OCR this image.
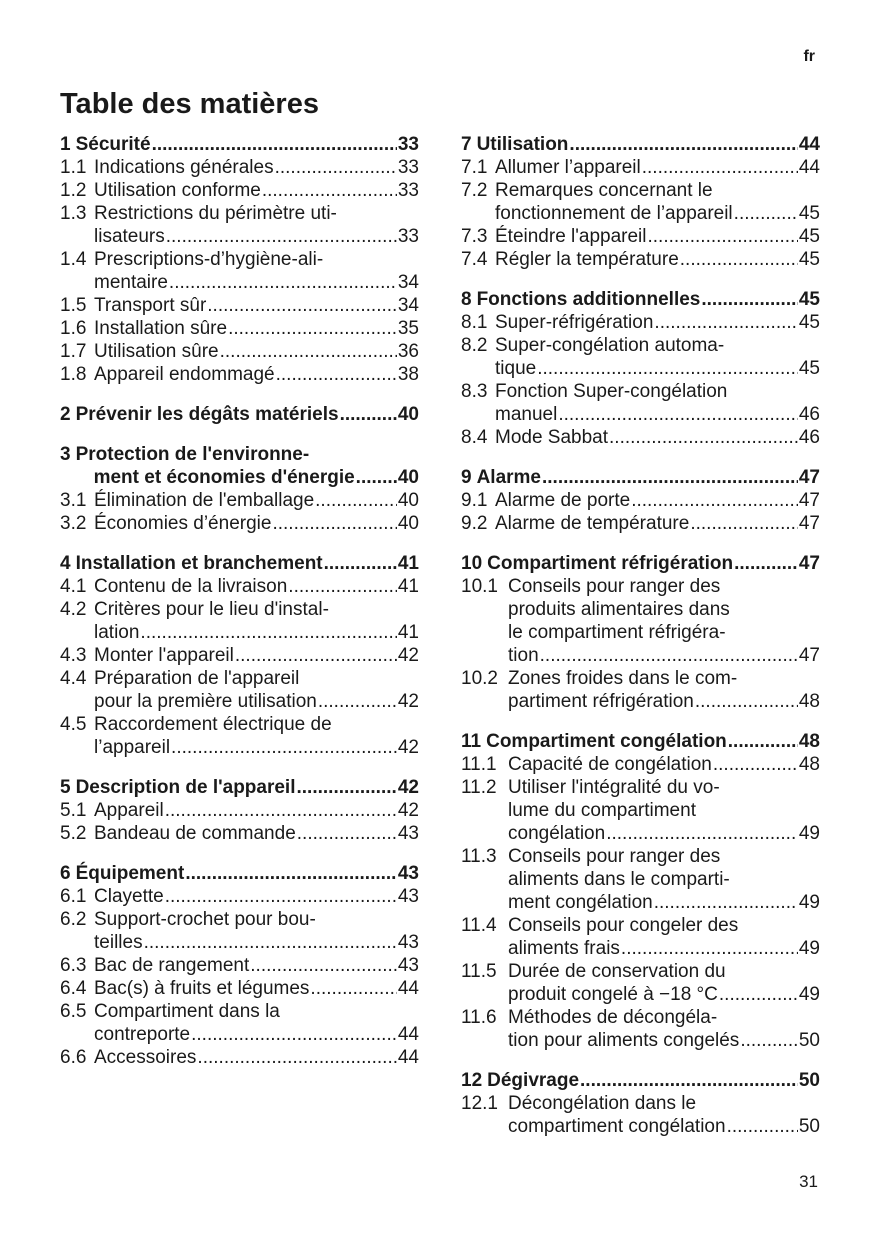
fr
Table des matières
1 Sécurité .....	33
1.1 Indications générales .....	33
1.2 Utilisation conforme .....	33
1.3 Restrictions du périmètre uti-
lisateurs .....	33
1.4 Prescriptions-d’hygiène-ali-
mentaire .....	34
1.5 Transport sûr .....	34
1.6 Installation sûre .....	35
1.7 Utilisation sûre .....	36
1.8 Appareil endommagé .....	38
2 Prévenir les dégâts matériels .....	40
3 Protection de l'environne-
ment et économies d'énergie ..... 40
3.1 Élimination de l'emballage .....	40
3.2 Économies d’énergie .....	40
4 Installation et branchement .....	41
4.1 Contenu de la livraison .....	41
4.2 Critères pour le lieu d'instal-
lation .....	41
4.3 Monter l'appareil .....	42
4.4 Préparation de l'appareil
pour la première utilisation .....	42
4.5 Raccordement électrique de
l’appareil .....	42
5 Description de l'appareil .....	42
5.1 Appareil .....	42
5.2 Bandeau de commande .....	43
6 Équipement .....	43
6.1 Clayette .....	43
6.2 Support-crochet pour bou-
teilles .....	43
6.3 Bac de rangement .....	43
6.4 Bac(s) à fruits et légumes .....	44
6.5 Compartiment dans la
contreporte .....	44
6.6 Accessoires .....	44
7 Utilisation .....	44
7.1 Allumer l’appareil .....	44
7.2 Remarques concernant le
fonctionnement de l’appareil .....	45
7.3 Éteindre l'appareil .....	45
7.4 Régler la température .....	45
8 Fonctions additionnelles .....	45
8.1 Super-réfrigération .....	45
8.2 Super-congélation automa-
tique .....	45
8.3 Fonction Super-congélation
manuel .....	46
8.4 Mode Sabbat .....	46
9 Alarme .....	47
9.1 Alarme de porte .....	47
9.2 Alarme de température .....	47
10 Compartiment réfrigération .....	47
10.1 Conseils pour ranger des
produits alimentaires dans
le compartiment réfrigéra-
tion .....	47
10.2 Zones froides dans le com-
partiment réfrigération .....	48
11 Compartiment congélation .....	48
11.1 Capacité de congélation .....	48
11.2 Utiliser l'intégralité du vo-
lume du compartiment
congélation .....	49
11.3 Conseils pour ranger des
aliments dans le comparti-
ment congélation .....	49
11.4 Conseils pour congeler des
aliments frais .....	49
11.5 Durée de conservation du
produit congelé à −18 °C .....	49
11.6 Méthodes de décongéla-
tion pour aliments congelés .....	50
12 Dégivrage .....	50
12.1 Décongélation dans le
compartiment congélation .....	50
31
